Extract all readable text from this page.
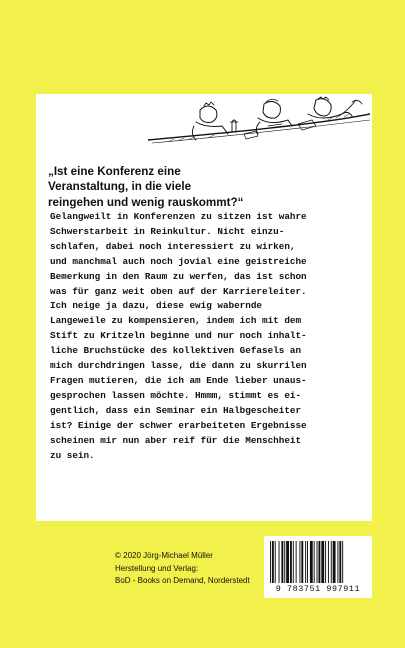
„Ist eine Konferenz eine
Veranstaltung, in die viele
reingehen und wenig rauskommt?“
Gelangweilt in Konferenzen zu sitzen ist wahre
Schwerstarbeit in Reinkultur. Nicht einzu-
schlafen, dabei noch interessiert zu wirken,
und manchmal auch noch jovial eine geistreiche
Bemerkung in den Raum zu werfen, das ist schon
was für ganz weit oben auf der Karriereleiter.
Ich neige ja dazu, diese ewig wabernde
Langeweile zu kompensieren, indem ich mit dem
Stift zu Kritzeln beginne und nur noch inhalt-
liche Bruchstücke des kollektiven Gefasels an
mich durchdringen lasse, die dann zu skurrilen
Fragen mutieren, die ich am Ende lieber unaus-
gesprochen lassen möchte. Hmmm, stimmt es ei-
gentlich, dass ein Seminar ein Halbgescheiter
ist? Einige der schwer erarbeiteten Ergebnisse
scheinen mir nun aber reif für die Menschheit
zu sein.
© 2020 Jörg-Michael Müller
Herstellung und Verlag:
BoD - Books on Demand, Norderstedt
9 783751 997911
